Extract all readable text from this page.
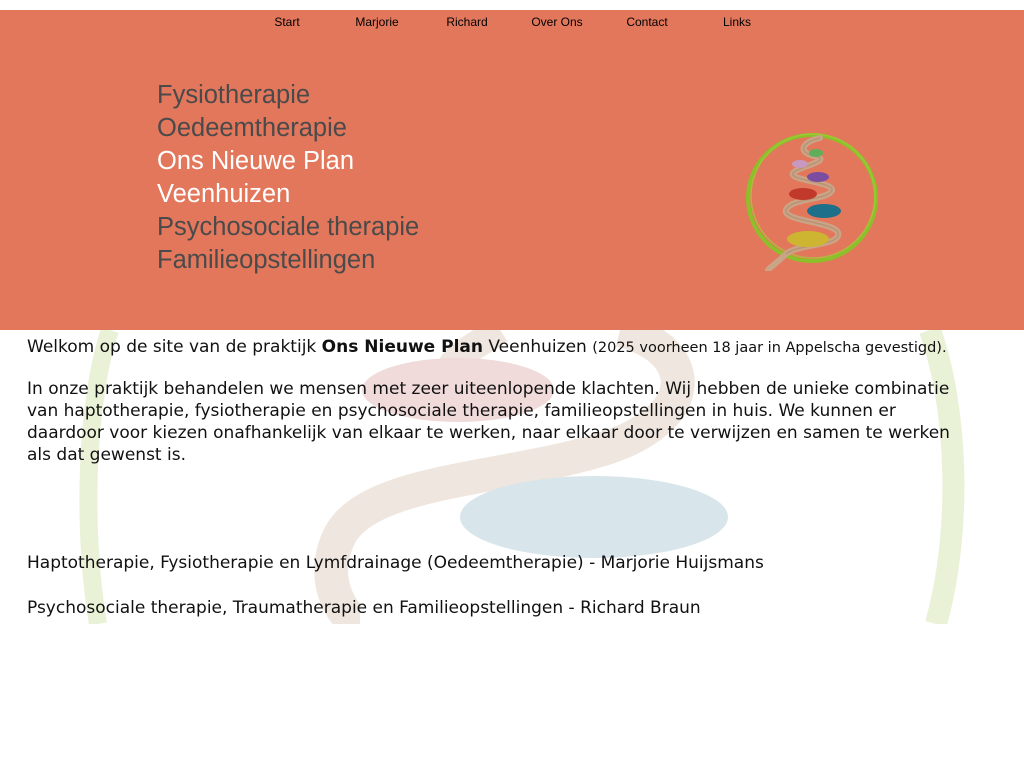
Start	Marjorie	Richard	Over Ons	Contact	Links
Fysiotherapie
Oedeemtherapie
Ons Nieuwe Plan
Veenhuizen
Psychosociale therapie
Familieopstellingen

Welkom op de site van de praktijk Ons Nieuwe Plan Veenhuizen (2025 voorheen 18 jaar in Appelscha gevestigd).

In onze praktijk behandelen we mensen met zeer uiteenlopende klachten. Wij hebben de unieke combinatie van haptotherapie, fysiotherapie en psychosociale therapie, familieopstellingen in huis. We kunnen er daardoor voor kiezen onafhankelijk van elkaar te werken, naar elkaar door te verwijzen en samen te werken als dat gewenst is.

Haptotherapie, Fysiotherapie en Lymfdrainage (Oedeemtherapie) - Marjorie Huijsmans

Psychosociale therapie, Traumatherapie en Familieopstellingen - Richard Braun
